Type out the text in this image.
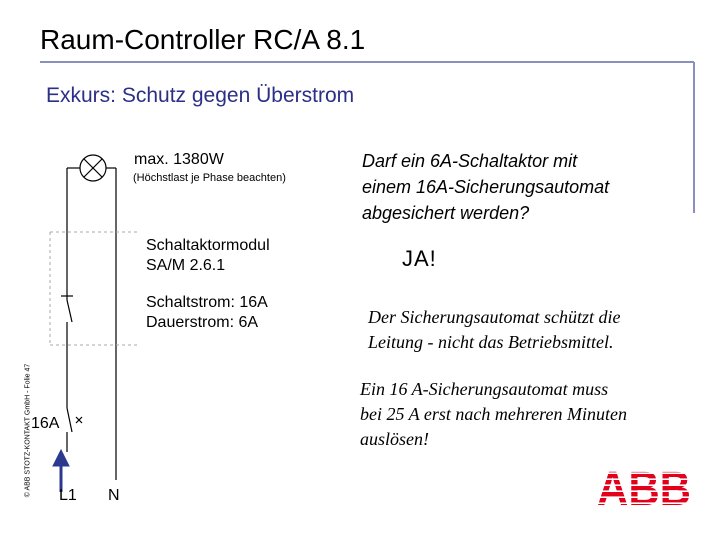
Raum-Controller RC/A 8.1
Exkurs: Schutz gegen Überstrom
max. 1380W
(Höchstlast je Phase beachten)
Schaltaktormodul
SA/M 2.6.1
Schaltstrom: 16A
Dauerstrom: 6A
16A
L1 N
Darf ein 6A-Schaltaktor mit
einem 16A-Sicherungsautomat
abgesichert werden?
JA!
Der Sicherungsautomat schützt die
Leitung - nicht das Betriebsmittel.
Ein 16 A-Sicherungsautomat muss
bei 25 A erst nach mehreren Minuten
auslösen!
© ABB STOTZ-KONTAKT GmbH - Folie 47	ABB
